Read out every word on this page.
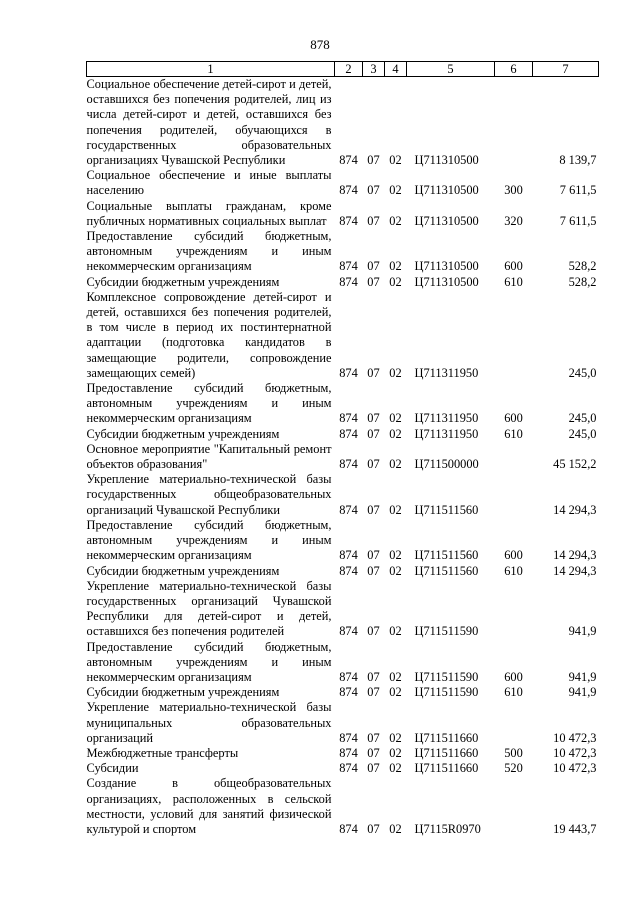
878
1	2	3	4	5	6	7
Социальное обеспечение детей-сирот и детей, оставшихся без попечения родителей, лиц из числа детей-сирот и детей, оставшихся без попечения родителей, обучающихся в государственных образовательных организациях Чувашской Республики	874	07	02	Ц711310500		8 139,7
Социальное обеспечение и иные выплаты населению	874	07	02	Ц711310500	300	7 611,5
Социальные выплаты гражданам, кроме публичных нормативных социальных выплат	874	07	02	Ц711310500	320	7 611,5
Предоставление субсидий бюджетным, автономным учреждениям и иным некоммерческим организациям	874	07	02	Ц711310500	600	528,2
Субсидии бюджетным учреждениям	874	07	02	Ц711310500	610	528,2
Комплексное сопровождение детей-сирот и детей, оставшихся без попечения родителей, в том числе в период их постинтернатной адаптации (подготовка кандидатов в замещающие родители, сопровождение замещающих семей)	874	07	02	Ц711311950		245,0
Предоставление субсидий бюджетным, автономным учреждениям и иным некоммерческим организациям	874	07	02	Ц711311950	600	245,0
Субсидии бюджетным учреждениям	874	07	02	Ц711311950	610	245,0
Основное мероприятие "Капитальный ремонт объектов образования"	874	07	02	Ц711500000		45 152,2
Укрепление материально-технической базы государственных общеобразовательных организаций Чувашской Республики	874	07	02	Ц711511560		14 294,3
Предоставление субсидий бюджетным, автономным учреждениям и иным некоммерческим организациям	874	07	02	Ц711511560	600	14 294,3
Субсидии бюджетным учреждениям	874	07	02	Ц711511560	610	14 294,3
Укрепление материально-технической базы государственных организаций Чувашской Республики для детей-сирот и детей, оставшихся без попечения родителей	874	07	02	Ц711511590		941,9
Предоставление субсидий бюджетным, автономным учреждениям и иным некоммерческим организациям	874	07	02	Ц711511590	600	941,9
Субсидии бюджетным учреждениям	874	07	02	Ц711511590	610	941,9
Укрепление материально-технической базы муниципальных образовательных организаций	874	07	02	Ц711511660		10 472,3
Межбюджетные трансферты	874	07	02	Ц711511660	500	10 472,3
Субсидии	874	07	02	Ц711511660	520	10 472,3
Создание в общеобразовательных организациях, расположенных в сельской местности, условий для занятий физической культурой и спортом	874	07	02	Ц7115R0970		19 443,7
